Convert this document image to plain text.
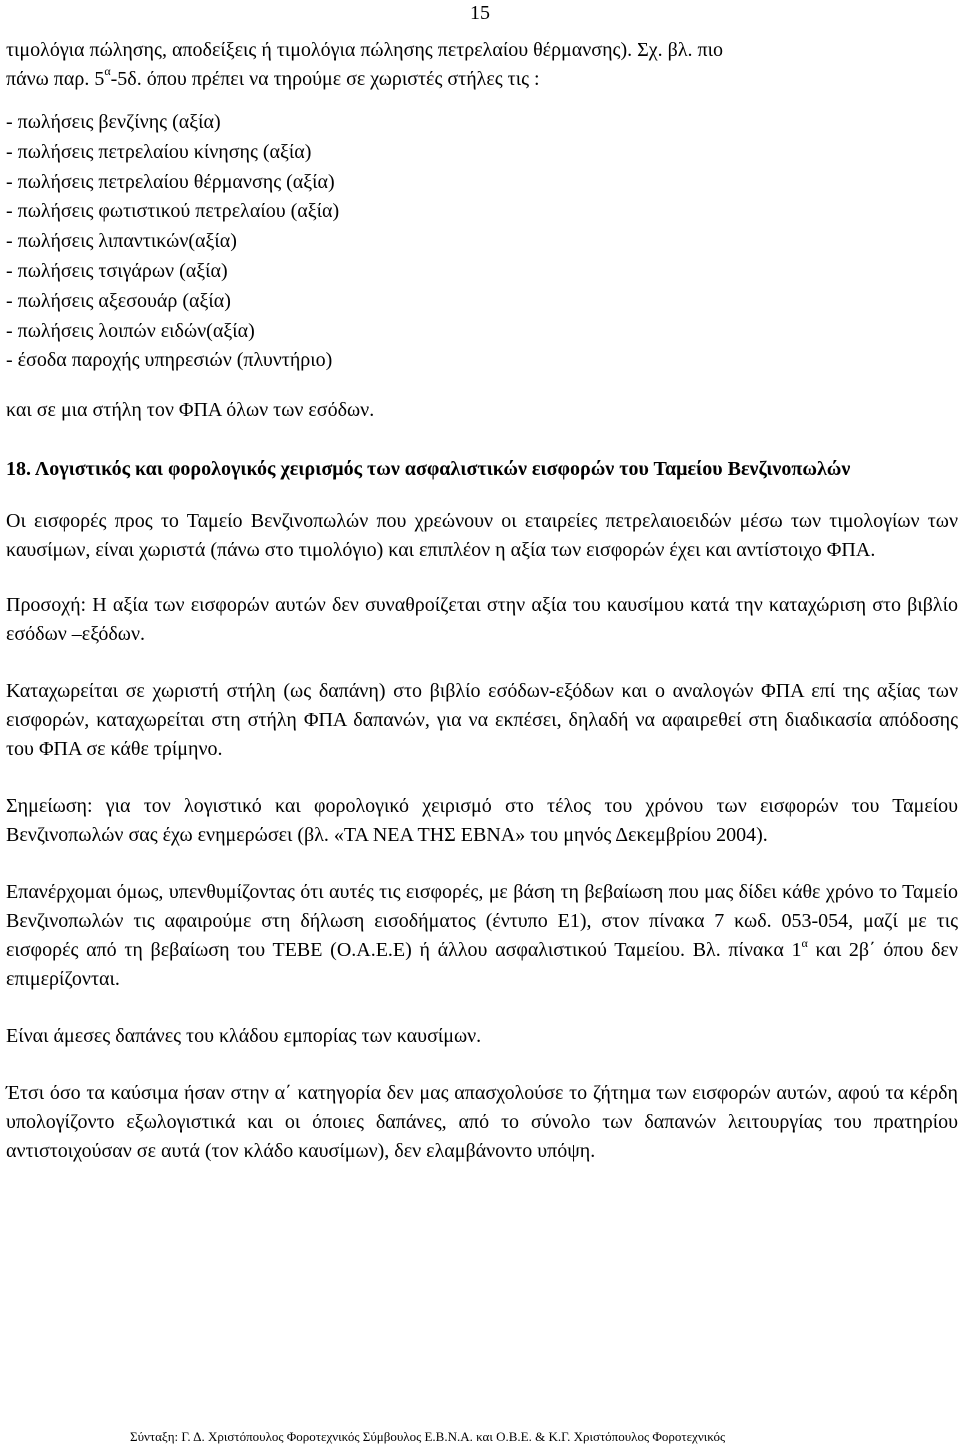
15

τιμολόγια πώλησης, αποδείξεις ή τιμολόγια πώλησης πετρελαίου θέρμανσης). Σχ. βλ. πιο
πάνω παρ. $5^\alpha-5\delta$. όπου πρέπει να τηρούμε σε χωριστές στήλες τις :

- πωλήσεις βενζίνης (αξία)
- πωλήσεις πετρελαίου κίνησης (αξία)
- πωλήσεις πετρελαίου θέρμανσης (αξία)
- πωλήσεις φωτιστικού πετρελαίου (αξία)
- πωλήσεις λιπαντικών(αξία)
- πωλήσεις τσιγάρων (αξία)
- πωλήσεις αξεσουάρ (αξία)
- πωλήσεις λοιπών ειδών(αξία)
- έσοδα παροχής υπηρεσιών (πλυντήριο)

και σε μια στήλη τον ΦΠΑ όλων των εσόδων.

18. Λογιστικός και φορολογικός χειρισμός των ασφαλιστικών εισφορών του Ταμείου Βενζινοπωλών

Οι εισφορές προς το Ταμείο Βενζινοπωλών που χρεώνουν οι εταιρείες πετρελαιοειδών μέσω των τιμολογίων των καυσίμων, είναι χωριστά (πάνω στο τιμολόγιο) και επιπλέον η αξία των εισφορών έχει και αντίστοιχο ΦΠΑ.

Προσοχή: Η αξία των εισφορών αυτών δεν συναθροίζεται στην αξία του καυσίμου κατά την καταχώριση στο βιβλίο εσόδων –εξόδων.

Καταχωρείται σε χωριστή στήλη (ως δαπάνη) στο βιβλίο εσόδων-εξόδων και ο αναλογών ΦΠΑ επί της αξίας των εισφορών, καταχωρείται στη στήλη ΦΠΑ δαπανών, για να εκπέσει, δηλαδή να αφαιρεθεί στη διαδικασία απόδοσης του ΦΠΑ σε κάθε τρίμηνο.

Σημείωση: για τον λογιστικό και φορολογικό χειρισμό στο τέλος του χρόνου των εισφορών του Ταμείου Βενζινοπωλών σας έχω ενημερώσει (βλ. «ΤΑ ΝΕΑ ΤΗΣ ΕΒΝΑ» του μηνός Δεκεμβρίου 2004).

Επανέρχομαι όμως, υπενθυμίζοντας ότι αυτές τις εισφορές, με βάση τη βεβαίωση που μας δίδει κάθε χρόνο το Ταμείο Βενζινοπωλών τις αφαιρούμε στη δήλωση εισοδήματος (έντυπο Ε1), στον πίνακα 7 κωδ. 053-054, μαζί με τις εισφορές από τη βεβαίωση του ΤΕΒΕ (Ο.Α.Ε.Ε) ή άλλου ασφαλιστικού Ταμείου. Βλ. πίνακα $1^\alpha$ και 2β΄ όπου δεν επιμερίζονται.

Είναι άμεσες δαπάνες του κλάδου εμπορίας των καυσίμων.

Έτσι όσο τα καύσιμα ήσαν στην α΄ κατηγορία δεν μας απασχολούσε το ζήτημα των εισφορών αυτών, αφού τα κέρδη υπολογίζοντο εξωλογιστικά και οι όποιες δαπάνες, από το σύνολο των δαπανών λειτουργίας του πρατηρίου αντιστοιχούσαν σε αυτά (τον κλάδο καυσίμων), δεν ελαμβάνοντο υπόψη.

Σύνταξη: Γ. Δ. Χριστόπουλος Φοροτεχνικός Σύμβουλος Ε.Β.Ν.Α. και Ο.Β.Ε. & Κ.Γ. Χριστόπουλος Φοροτεχνικός
